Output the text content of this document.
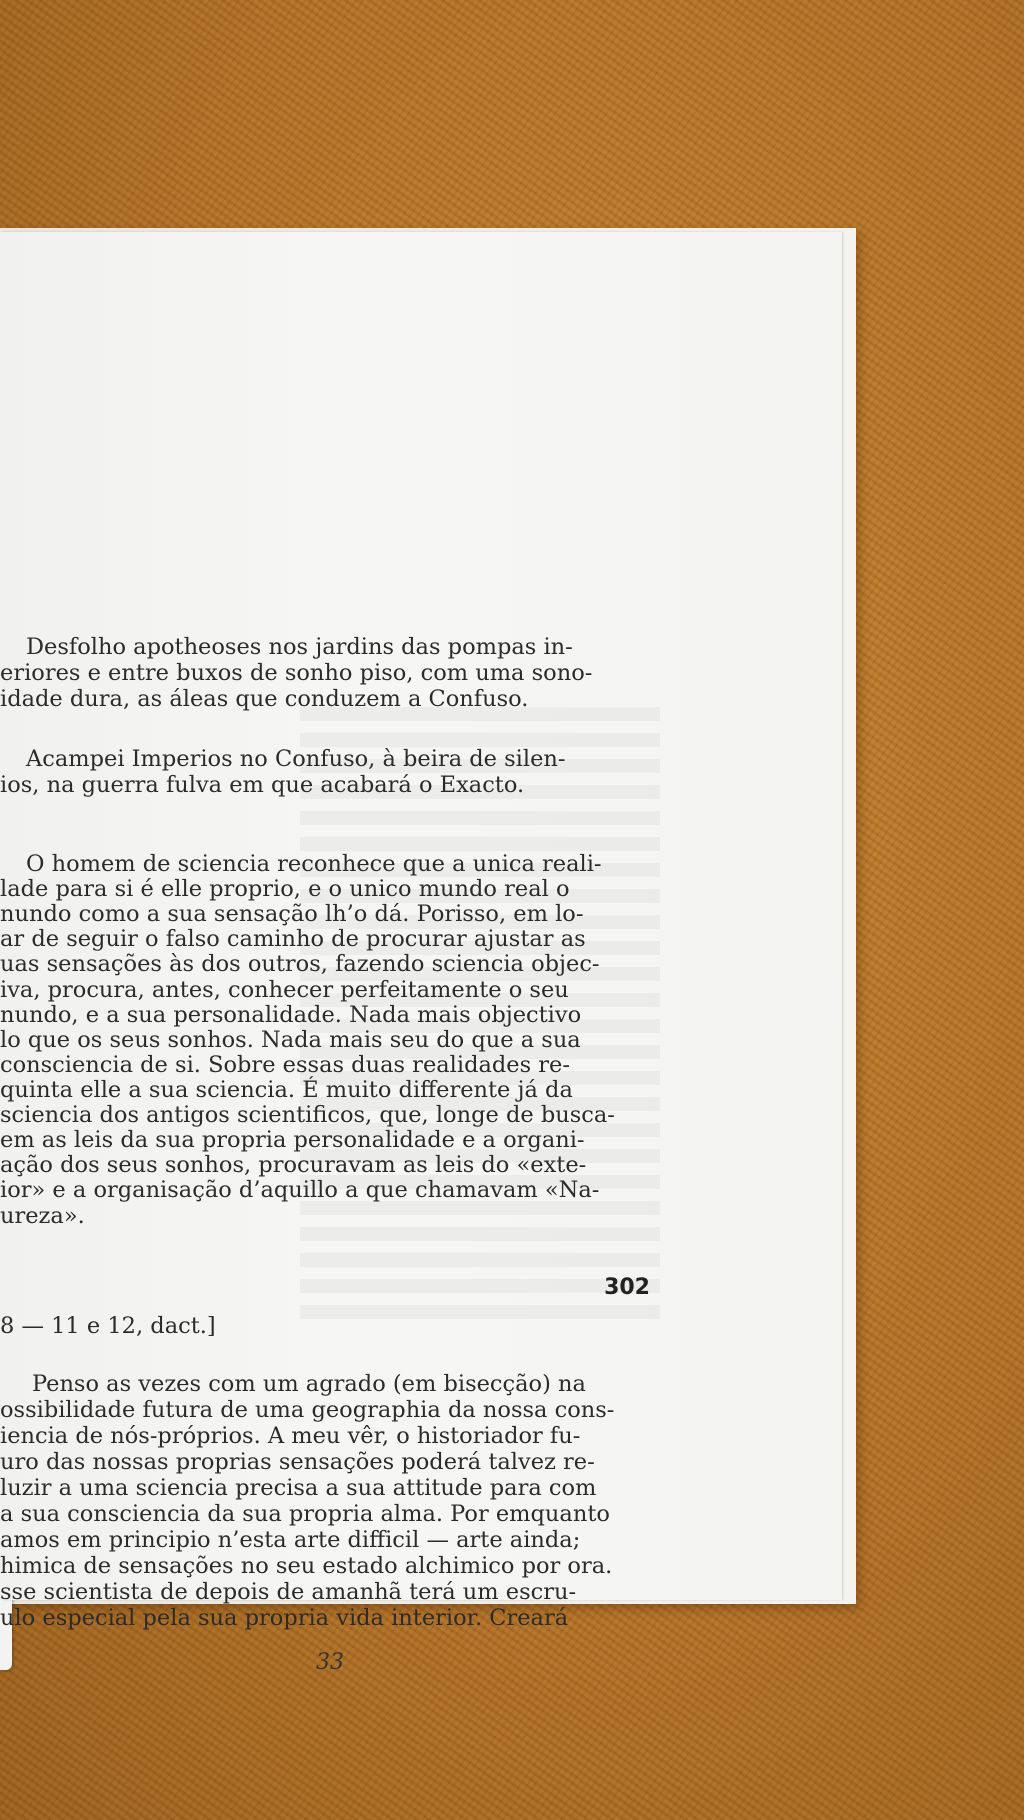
Desfolho apotheoses nos jardins das pompas in-
eriores e entre buxos de sonho piso, com uma sono-
idade dura, as áleas que conduzem a Confuso.
Acampei Imperios no Confuso, à beira de silen-
ios, na guerra fulva em que acabará o Exacto.
O homem de sciencia reconhece que a unica reali-
lade para si é elle proprio, e o unico mundo real o
nundo como a sua sensação lh’o dá. Porisso, em lo-
ar de seguir o falso caminho de procurar ajustar as
uas sensações às dos outros, fazendo sciencia objec-
iva, procura, antes, conhecer perfeitamente o seu
nundo, e a sua personalidade. Nada mais objectivo
lo que os seus sonhos. Nada mais seu do que a sua
consciencia de si. Sobre essas duas realidades re-
quinta elle a sua sciencia. É muito differente já da
sciencia dos antigos scientificos, que, longe de busca-
em as leis da sua propria personalidade e a organi-
ação dos seus sonhos, procuravam as leis do «exte-
ior» e a organisação d’aquillo a que chamavam «Na-
ureza».
302
8 — 11 e 12, dact.]
Penso as vezes com um agrado (em bisecção) na
ossibilidade futura de uma geographia da nossa cons-
iencia de nós-próprios. A meu vêr, o historiador fu-
uro das nossas proprias sensações poderá talvez re-
luzir a uma sciencia precisa a sua attitude para com
a sua consciencia da sua propria alma. Por emquanto
amos em principio n’esta arte difficil — arte ainda;
himica de sensações no seu estado alchimico por ora.
sse scientista de depois de amanhã terá um escru-
ulo especial pela sua propria vida interior. Creará
33
